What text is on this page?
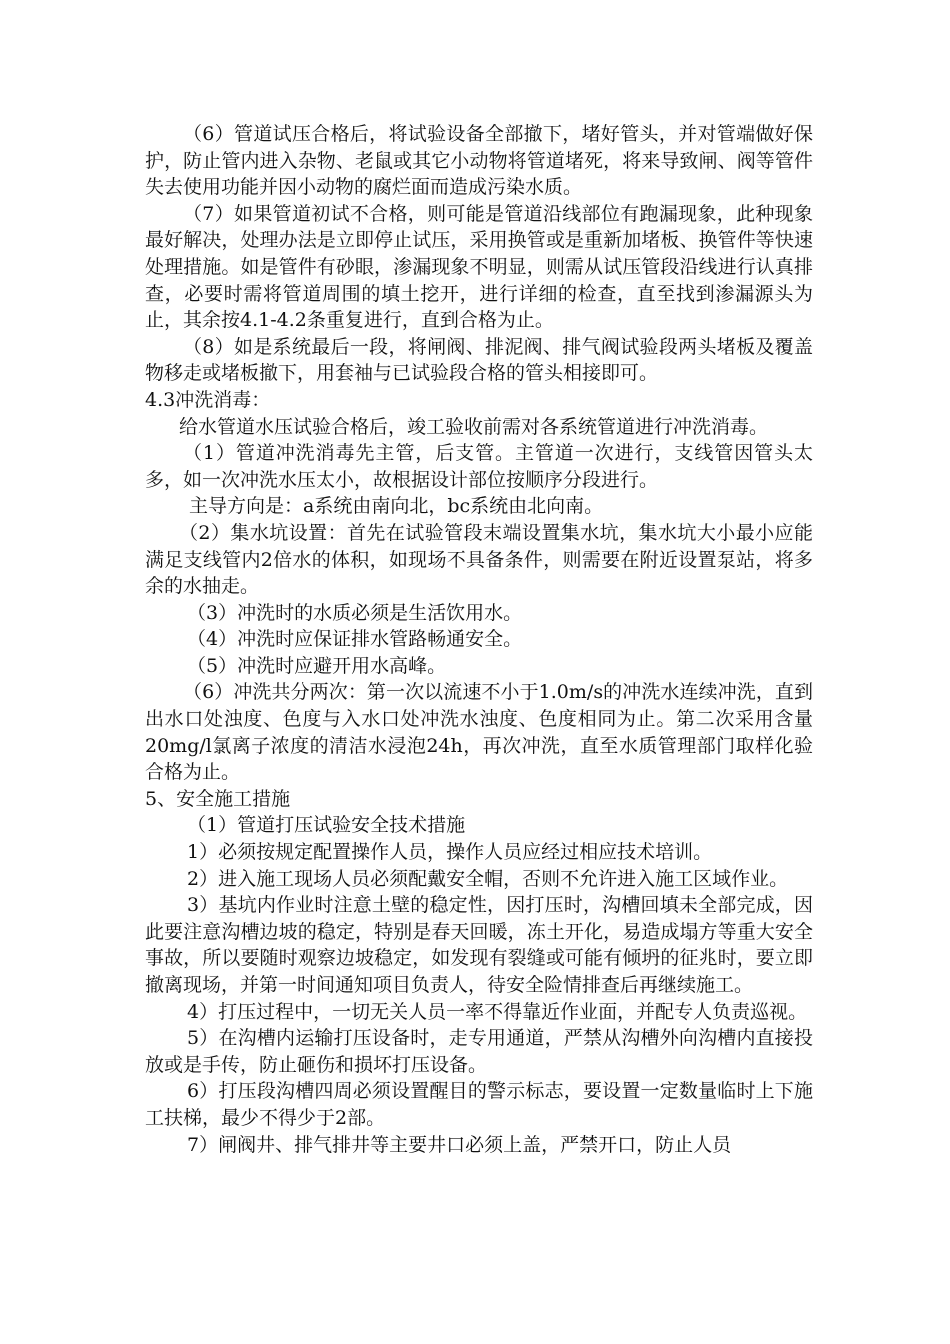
（6）管道试压合格后，将试验设备全部撤下，堵好管头，并对管端做好保护，防止管内进入杂物、老鼠或其它小动物将管道堵死，将来导致闸、阀等管件失去使用功能并因小动物的腐烂面而造成污染水质。

（7）如果管道初试不合格，则可能是管道沿线部位有跑漏现象，此种现象最好解决，处理办法是立即停止试压，采用换管或是重新加堵板、换管件等快速处理措施。如是管件有砂眼，渗漏现象不明显，则需从试压管段沿线进行认真排查，必要时需将管道周围的填土挖开，进行详细的检查，直至找到渗漏源头为止，其余按4.1-4.2条重复进行，直到合格为止。

（8）如是系统最后一段，将闸阀、排泥阀、排气阀试验段两头堵板及覆盖物移走或堵板撤下，用套袖与已试验段合格的管头相接即可。

4.3冲洗消毒：

给水管道水压试验合格后，竣工验收前需对各系统管道进行冲洗消毒。

（1）管道冲洗消毒先主管，后支管。主管道一次进行，支线管因管头太多，如一次冲洗水压太小，故根据设计部位按顺序分段进行。

主导方向是：a系统由南向北，bc系统由北向南。

（2）集水坑设置：首先在试验管段末端设置集水坑，集水坑大小最小应能满足支线管内2倍水的体积，如现场不具备条件，则需要在附近设置泵站，将多余的水抽走。

（3）冲洗时的水质必须是生活饮用水。

（4）冲洗时应保证排水管路畅通安全。

（5）冲洗时应避开用水高峰。

（6）冲洗共分两次：第一次以流速不小于1.0m/s的冲洗水连续冲洗，直到出水口处浊度、色度与入水口处冲洗水浊度、色度相同为止。第二次采用含量20mg/l氯离子浓度的清洁水浸泡24h，再次冲洗，直至水质管理部门取样化验合格为止。

5、安全施工措施

（1）管道打压试验安全技术措施

1）必须按规定配置操作人员，操作人员应经过相应技术培训。

2）进入施工现场人员必须配戴安全帽，否则不允许进入施工区域作业。

3）基坑内作业时注意土壁的稳定性，因打压时，沟槽回填未全部完成，因此要注意沟槽边坡的稳定，特别是春天回暖，冻土开化，易造成塌方等重大安全事故，所以要随时观察边坡稳定，如发现有裂缝或可能有倾坍的征兆时，要立即撤离现场，并第一时间通知项目负责人，待安全险情排查后再继续施工。

4）打压过程中，一切无关人员一率不得靠近作业面，并配专人负责巡视。

5）在沟槽内运输打压设备时，走专用通道，严禁从沟槽外向沟槽内直接投放或是手传，防止砸伤和损坏打压设备。

6）打压段沟槽四周必须设置醒目的警示标志，要设置一定数量临时上下施工扶梯，最少不得少于2部。

7）闸阀井、排气排井等主要井口必须上盖，严禁开口，防止人员
